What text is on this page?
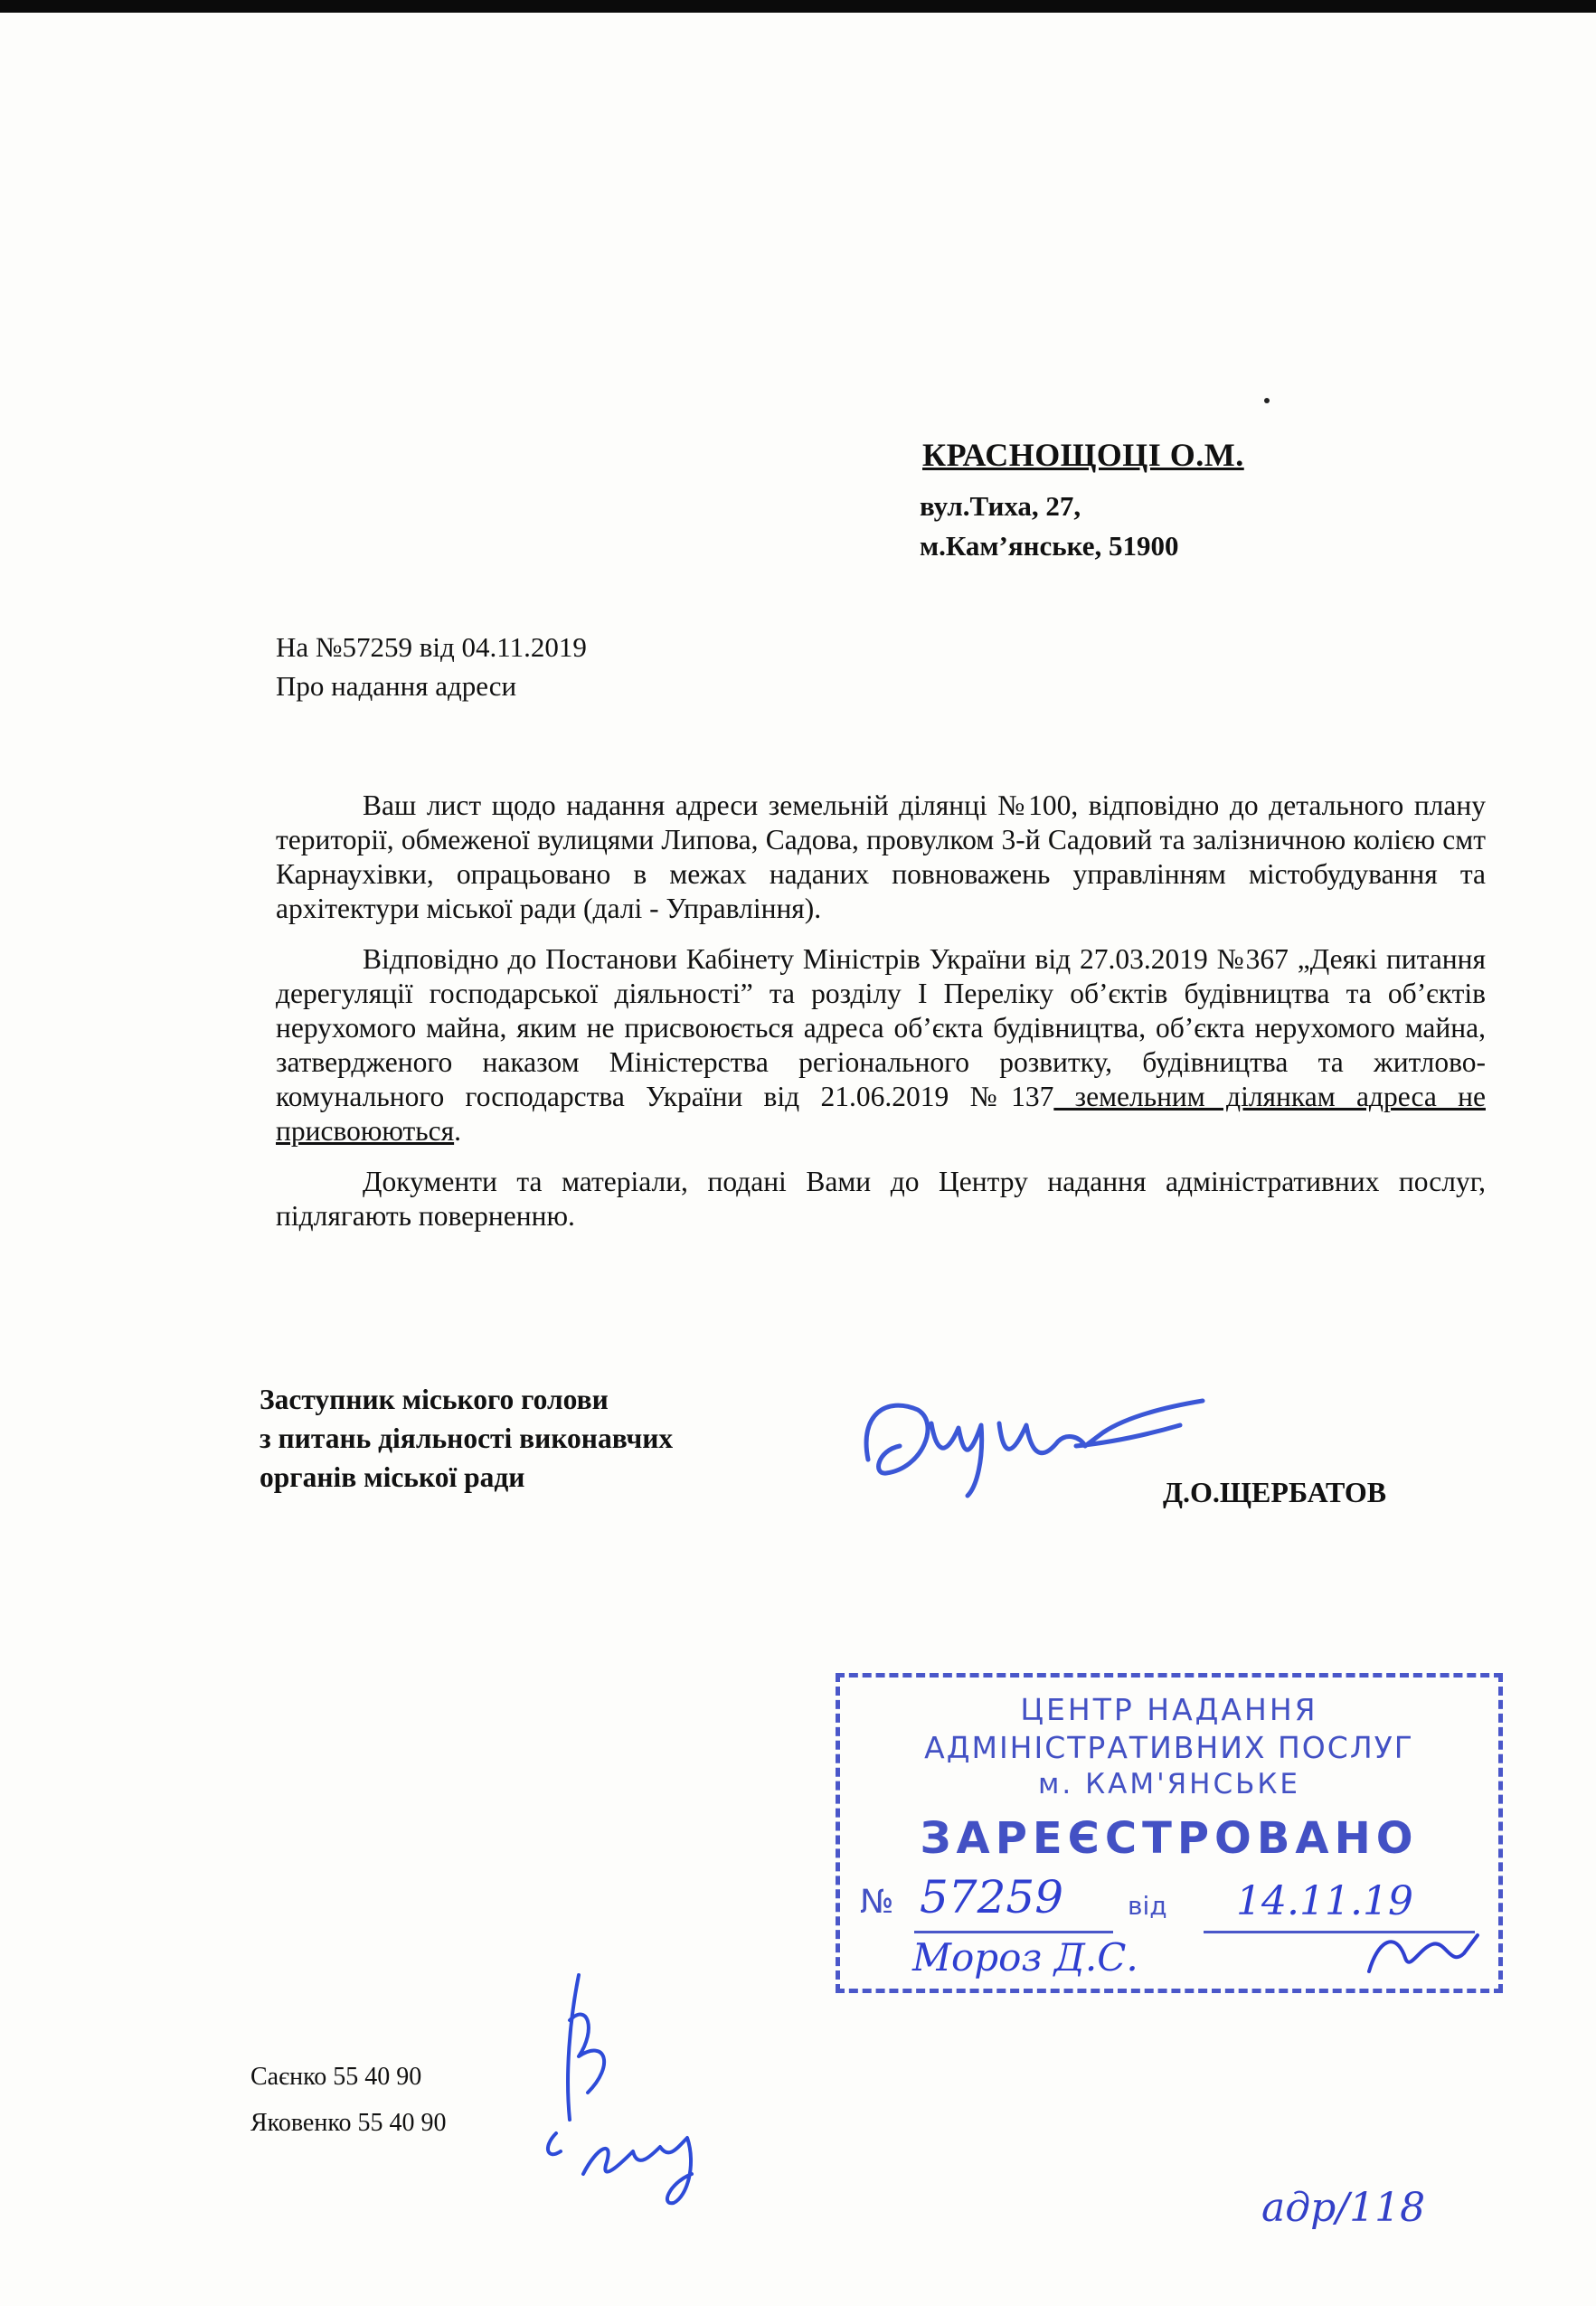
КРАСНОЩОЦІ О.М.
вул.Тиха, 27,
м.Кам’янське, 51900
На №57259 від 04.11.2019
Про надання адреси

Ваш лист щодо надання адреси земельній ділянці №100, відповідно до детального плану території, обмеженої вулицями Липова, Садова, провулком 3-й Садовий та залізничною колією смт Карнаухівки, опрацьовано в межах наданих повноважень управлінням містобудування та архітектури міської ради (далі - Управління).

Відповідно до Постанови Кабінету Міністрів України від 27.03.2019 №367 „Деякі питання дерегуляції господарської діяльності” та розділу І Переліку об’єктів будівництва та об’єктів нерухомого майна, яким не присвоюється адреса об’єкта будівництва, об’єкта нерухомого майна, затвердженого наказом Міністерства регіонального розвитку, будівництва та житлово-комунального господарства України від 21.06.2019 №137 земельним ділянкам адреса не присвоюються.

Документи та матеріали, подані Вами до Центру надання адміністративних послуг, підлягають поверненню.

Заступник міського голови
з питань діяльності виконавчих
органів міської ради	Д.О.ЩЕРБАТОВ
ЦЕНТР НАДАННЯ
АДМІНІСТРАТИВНИХ ПОСЛУГ
м. КАМ'ЯНСЬКЕ
ЗАРЕЄСТРОВАНО
№ 57259	від 14.11.19
Мороз Д.С.
Саєнко 55 40 90
Яковенко 55 40 90
адр/118
